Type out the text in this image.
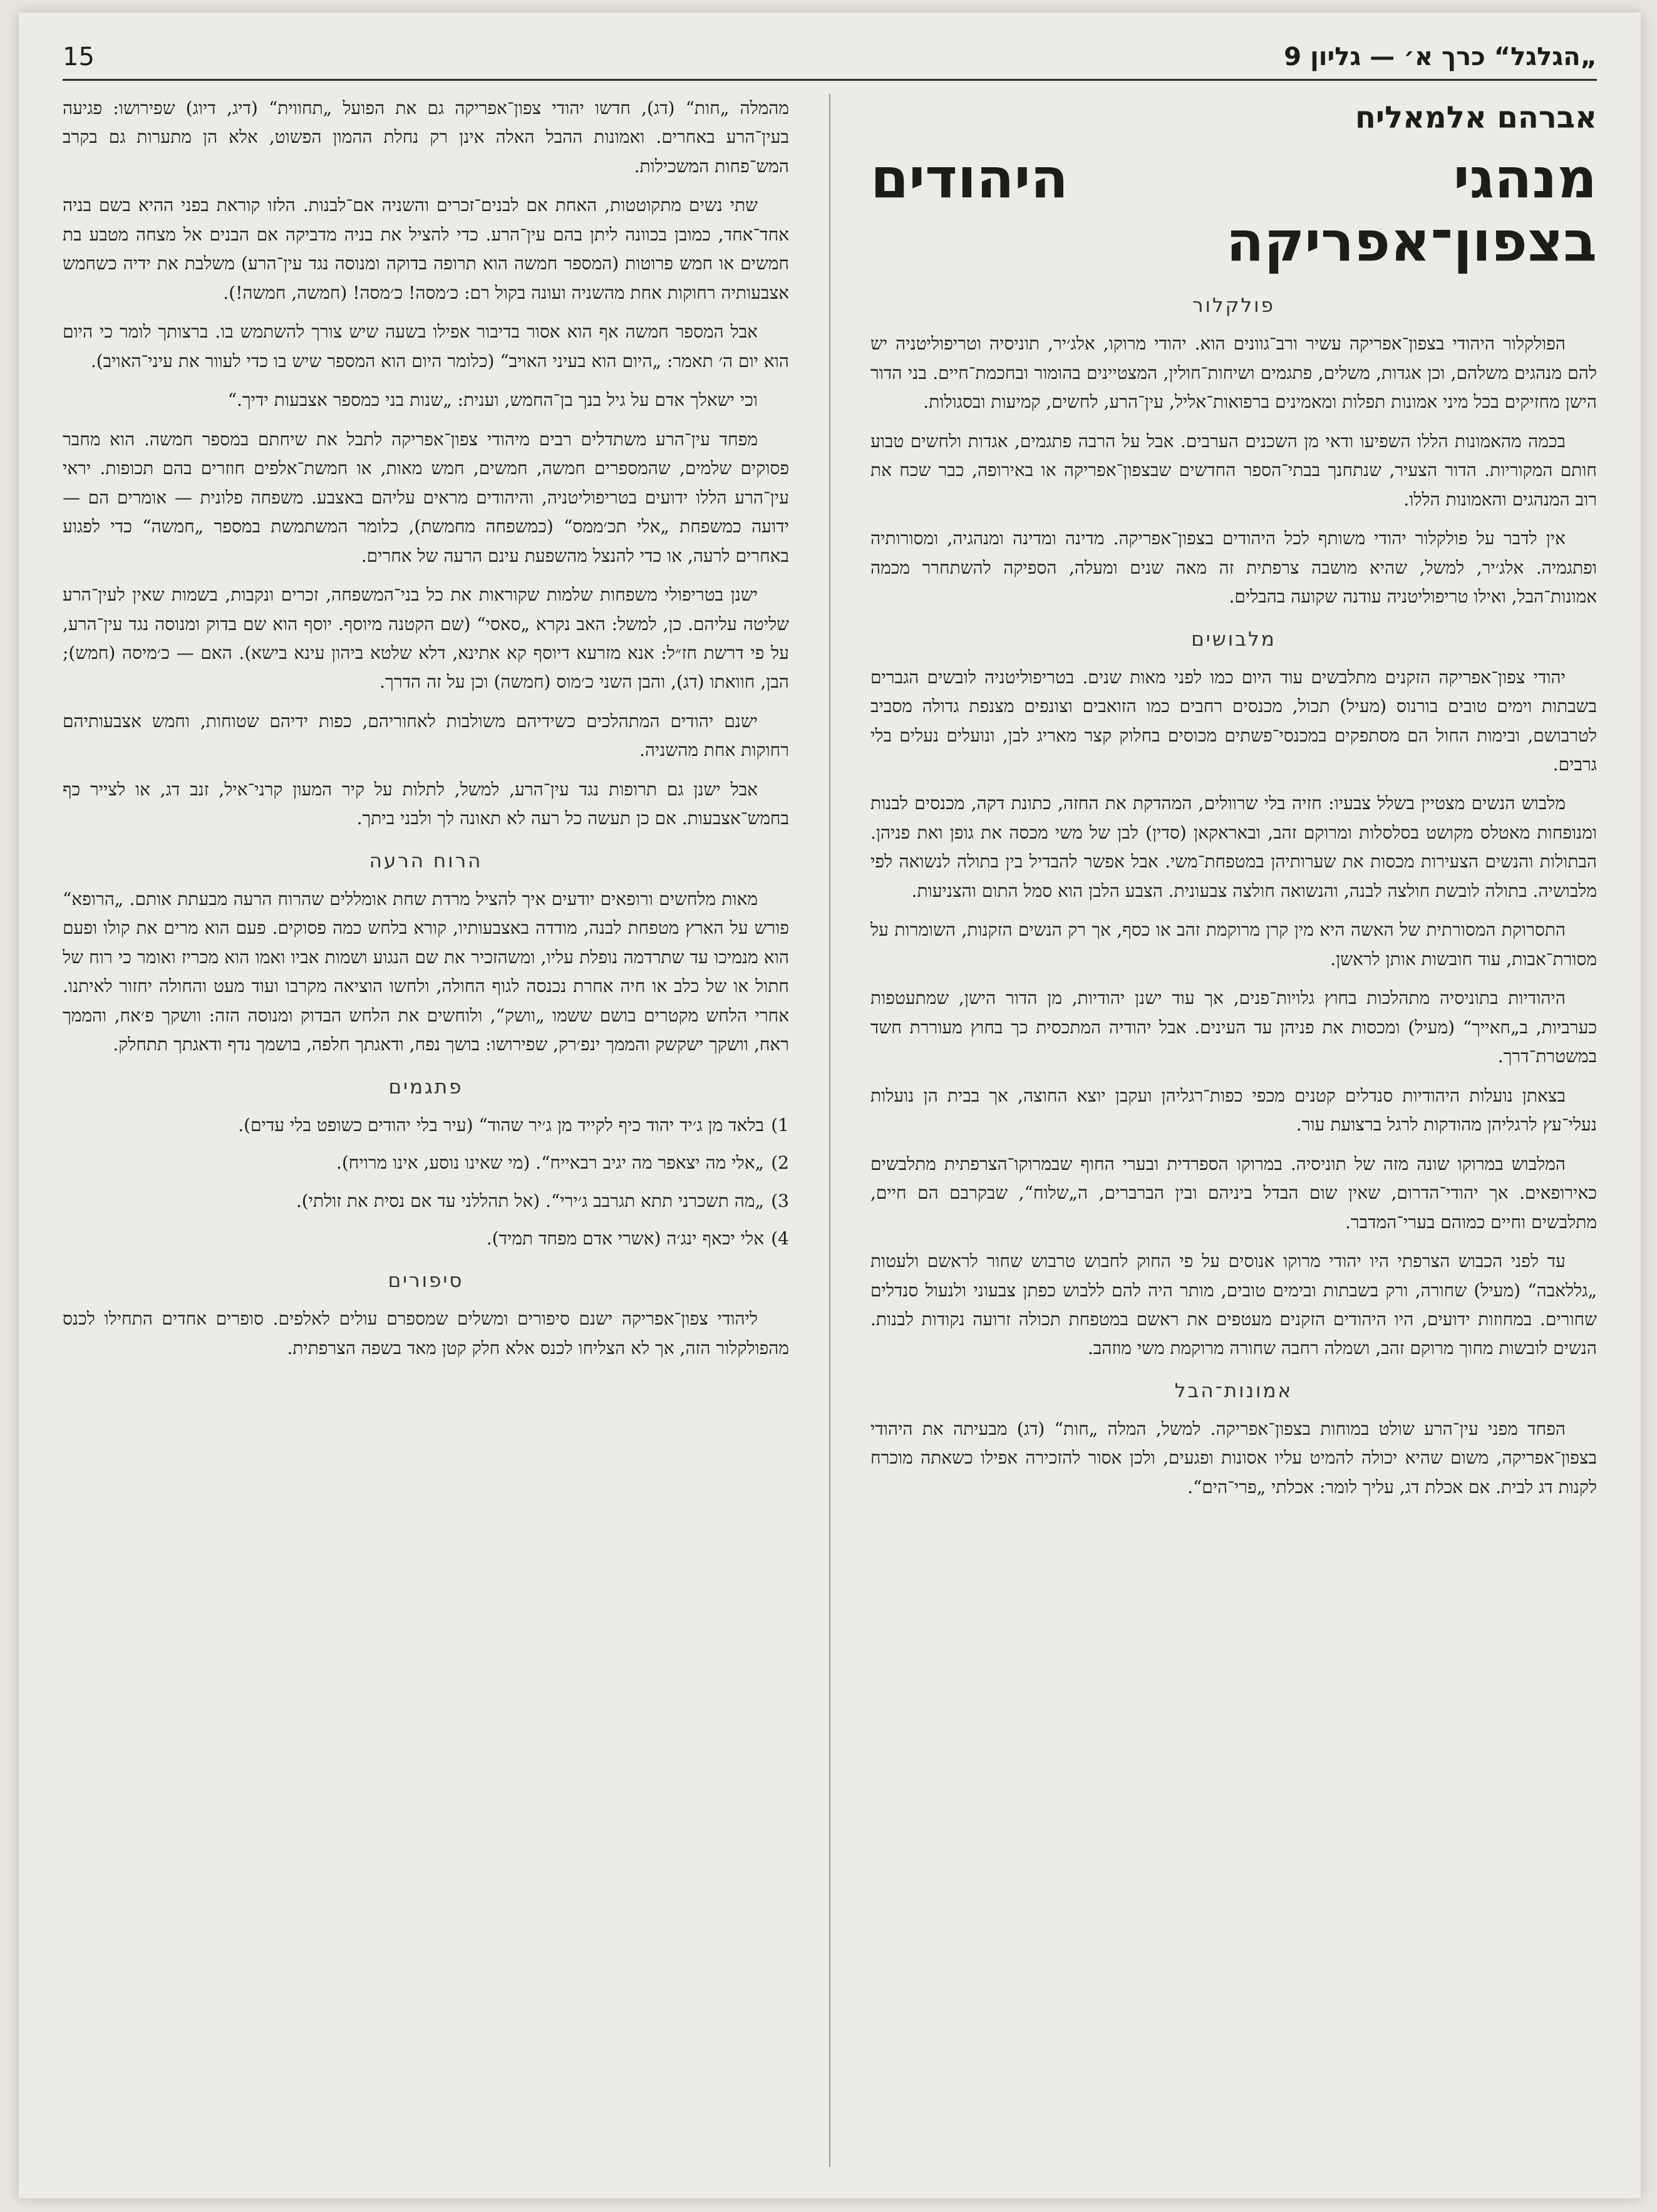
15	„הגלגל“ כרך א׳ — גליון 9
אברהם אלמאליח
מנהגי היהודים בצפון־אפריקה
פולקלור

הפולקלור היהודי בצפון־אפריקה עשיר ורב־גוונים הוא. יהודי מרוקו, אלג׳יר, תוניסיה וטריפוליטניה יש להם מנהגים משלהם, וכן אגדות, משלים, פתגמים ושיחות־חולין, המצטיינים בהומור ובחכמת־חיים. בני הדור הישן מחזיקים בכל מיני אמונות תפלות ומאמינים ברפואות־אליל, עין־הרע, לחשים, קמיעות ובסגולות.

בכמה מהאמונות הללו השפיעו ודאי מן השכנים הערבים. אבל על הרבה פתגמים, אגדות ולחשים טבוע חותם המקוריות. הדור הצעיר, שנתחנך בבתי־הספר החדשים שבצפון־אפריקה או באירופה, כבר שכח את רוב המנהגים והאמונות הללו.

אין לדבר על פולקלור יהודי משותף לכל היהודים בצפון־אפריקה. מדינה ומדינה ומנהגיה, ומסורותיה ופתגמיה. אלג׳יר, למשל, שהיא מושבה צרפתית זה מאה שנים ומעלה, הספיקה להשתחרר מכמה אמונות־הבל, ואילו טריפוליטניה עודנה שקועה בהבלים.

מלבושים

יהודי צפון־אפריקה הזקנים מתלבשים עוד היום כמו לפני מאות שנים. בטריפוליטניה לובשים הגברים בשבתות וימים טובים בורנוס (מעיל) תכול, מכנסים רחבים כמו הזואבים וצונפים מצנפת גדולה מסביב לטרבושם, ובימות החול הם מסתפקים במכנסי־פשתים מכוסים בחלוק קצר מאריג לבן, ונועלים נעלים בלי גרבים.

מלבוש הנשים מצטיין בשלל צבעיו: חזיה בלי שרוולים, המהדקת את החזה, כתונת דקה, מכנסים לבנות ומנופחות מאטלס מקושט בסלסלות ומרוקם זהב, ובאראקאן (סדין) לבן של משי מכסה את גופן ואת פניהן. הבתולות והנשים הצעירות מכסות את שערותיהן במטפחת־משי. אבל אפשר להבדיל בין בתולה לנשואה לפי מלבושיה. בתולה לובשת חולצה לבנה, והנשואה חולצה צבעונית. הצבע הלבן הוא סמל התום והצניעות.

התסרוקת המסורתית של האשה היא מין קרן מרוקמת זהב או כסף, אך רק הנשים הזקנות, השומרות על מסורת־אבות, עוד חובשות אותן לראשן.

היהודיות בתוניסיה מתהלכות בחוץ גלויות־פנים, אך עוד ישנן יהודיות, מן הדור הישן, שמתעטפות כערביות, ב„חאייך“ (מעיל) ומכסות את פניהן עד העינים. אבל יהודיה המתכסית כך בחוץ מעוררת חשד במשטרת־דרך.

בצאתן נועלות היהודיות סנדלים קטנים מכפי כפות־רגליהן ועקבן יוצא החוצה, אך בבית הן נועלות נעלי־עץ לרגליהן מהודקות לרגל ברצועת עור.

המלבוש במרוקו שונה מזה של תוניסיה. במרוקו הספרדית ובערי החוף שבמרוקו־הצרפתית מתלבשים כאירופאים. אך יהודי־הדרום, שאין שום הבדל ביניהם ובין הברברים, ה„שלוח“, שבקרבם הם חיים, מתלבשים וחיים כמוהם בערי־המדבר.

עד לפני הכבוש הצרפתי היו יהודי מרוקו אנוסים על פי החוק לחבוש טרבוש שחור לראשם ולעטות „גללאבה“ (מעיל) שחורה, ורק בשבתות ובימים טובים, מותר היה להם ללבוש כפתן צבעוני ולנעול סנדלים שחורים. במחוזות ידועים, היו היהודים הזקנים מעטפים את ראשם במטפחת תכולה זרועה נקודות לבנות. הנשים לובשות מחוך מרוקם זהב, ושמלה רחבה שחורה מרוקמת משי מוזהב.

אמונות־הבל

הפחד מפני עין־הרע שולט במוחות בצפון־אפריקה. למשל, המלה „חות“ (דג) מבעיתה את היהודי בצפון־אפריקה, משום שהיא יכולה להמיט עליו אסונות ופגעים, ולכן אסור להזכירה אפילו כשאתה מוכרח לקנות דג לבית. אם אכלת דג, עליך לומר: אכלתי „פרי־הים“.

מהמלה „חות“ (דג), חדשו יהודי צפון־אפריקה גם את הפועל „תחווית“ (דיג, דיוג) שפירושו: פגיעה בעין־הרע באחרים. ואמונות ההבל האלה אינן רק נחלת ההמון הפשוט, אלא הן מתערות גם בקרב המש־פחות המשכילות.

שתי נשים מתקוטטות, האחת אם לבנים־זכרים והשניה אם־לבנות. הלזו קוראת בפני ההיא בשם בניה אחד־אחד, כמובן בכוונה ליתן בהם עין־הרע. כדי להציל את בניה מדביקה אם הבנים אל מצחה מטבע בת חמשים או חמש פרוטות (המספר חמשה הוא תרופה בדוקה ומנוסה נגד עין־הרע) משלבת את ידיה כשחמש אצבעותיה רחוקות אחת מהשניה ועונה בקול רם: כ׳מסה! כ׳מסה! (חמשה, חמשה!).

אבל המספר חמשה אף הוא אסור בדיבור אפילו בשעה שיש צורך להשתמש בו. ברצותך לומר כי היום הוא יום ה׳ תאמר: „היום הוא בעיני האויב“ (כלומר היום הוא המספר שיש בו כדי לעוור את עיני־האויב).

וכי ישאלך אדם על גיל בנך בן־החמש, וענית: „שנות בני כמספר אצבעות ידיך.“

מפחד עין־הרע משתדלים רבים מיהודי צפון־אפריקה לתבל את שיחתם במספר חמשה. הוא מחבר פסוקים שלמים, שהמספרים חמשה, חמשים, חמש מאות, או חמשת־אלפים חוזרים בהם תכופות. יראי עין־הרע הללו ידועים בטריפוליטניה, והיהודים מראים עליהם באצבע. משפחה פלונית — אומרים הם — ידועה כמשפחת „אלי תכ׳ממס“ (כמשפחה מחמשת), כלומר המשתמשת במספר „חמשה“ כדי לפגוע באחרים לרעה, או כדי להנצל מהשפעת עינם הרעה של אחרים.

ישנן בטריפולי משפחות שלמות שקוראות את כל בני־המשפחה, זכרים ונקבות, בשמות שאין לעין־הרע שליטה עליהם. כן, למשל: האב נקרא „סאסי“ (שם הקטנה מיוסף. יוסף הוא שם בדוק ומנוסה נגד עין־הרע, על פי דרשת חז״ל: אנא מזרעא דיוסף קא אתינא, דלא שלטא ביהון עינא בישא). האם — כ׳מיסה (חמש); הבן, חוואתו (דג), והבן השני כ׳מוס (חמשה) וכן על זה הדרך.

ישנם יהודים המתהלכים כשידיהם משולבות לאחוריהם, כפות ידיהם שטוחות, וחמש אצבעותיהם רחוקות אחת מהשניה.

אבל ישנן גם תרופות נגד עין־הרע, למשל, לתלות על קיר המעון קרני־איל, זנב דג, או לצייר כף בחמש־אצבעות. אם כן תעשה כל רעה לא תאונה לך ולבני ביתך.

הרוח הרעה

מאות מלחשים ורופאים יודעים איך להציל מרדת שחת אומללים שהרוח הרעה מבעתת אותם. „הרופא“ פורש על הארץ מטפחת לבנה, מודדה באצבעותיו, קורא בלחש כמה פסוקים. פעם הוא מרים את קולו ופעם הוא מנמיכו עד שתרדמה נופלת עליו, ומשהזכיר את שם הנגוע ושמות אביו ואמו הוא מכריז ואומר כי רוח של חתול או של כלב או חיה אחרת נכנסה לגוף החולה, ולחשו הוציאה מקרבו ועוד מעט והחולה יחזור לאיתנו. אחרי הלחש מקטרים בושם ששמו „וושק“, ולוחשים את הלחש הבדוק ומנוסה הזה: וושקך פ׳אח, והממך ראח, וושקך ישקשק והממך ינפ׳רק, שפירושו: בושך נפח, ודאגתך חלפה, בושמך נדף ודאגתך תתחלק.

פתגמים
1)
בלאד מן ג׳יד יהוד כיף לקייד מן ג׳יר שהוד“ (עיר בלי יהודים כשופט בלי עדים).
2)
„אלי מה יצאפר מה יגיב רבאייח“. (מי שאינו נוסע, אינו מרויח).
3)
„מה תשכרני תתא תגרבב ג׳ירי“. (אל תהללני עד אם נסית את זולתי).
4)
אלי יכאף ינג׳ה (אשרי אדם מפחד תמיד).
סיפורים

ליהודי צפון־אפריקה ישנם סיפורים ומשלים שמספרם עולים לאלפים. סופרים אחדים התחילו לכנס מהפולקלור הזה, אך לא הצליחו לכנס אלא חלק קטן מאד בשפה הצרפתית.
